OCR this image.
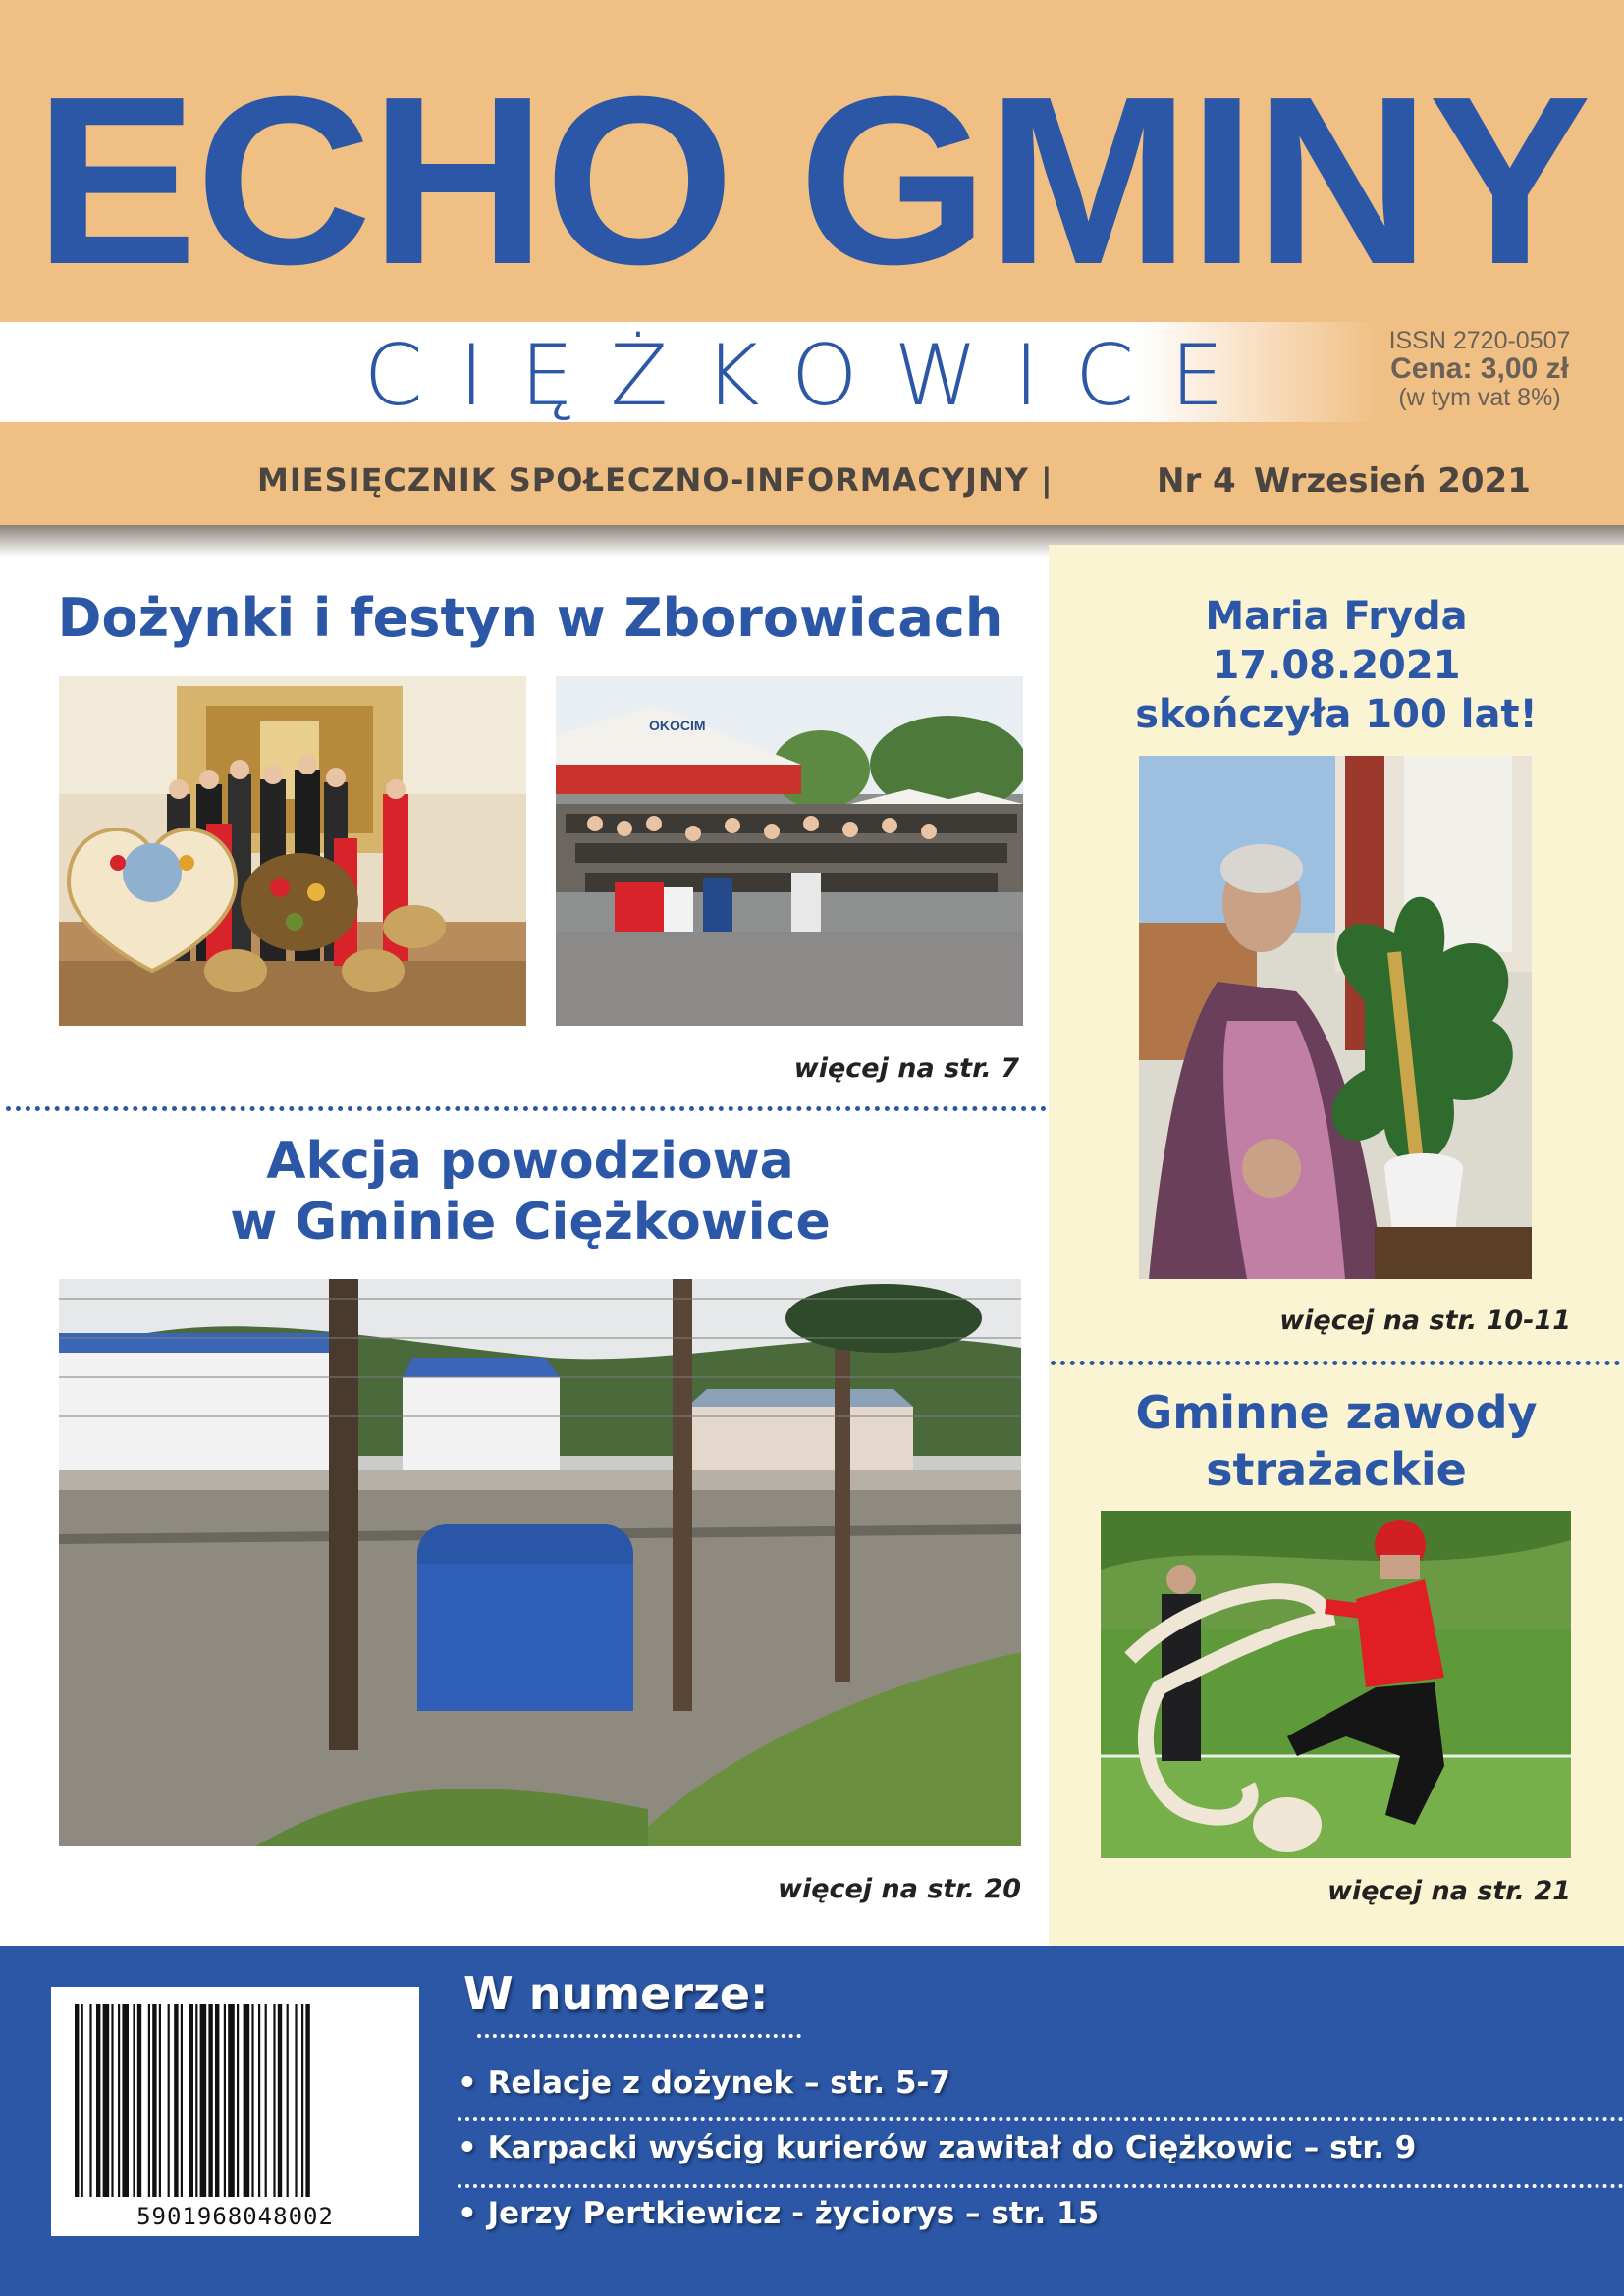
ECHO GMINY
CIĘŻKOWICE	ISSN 2720-0507
Cena: 3,00 zł
(w tym vat 8%)
MIESIĘCZNIK SPOŁECZNO-INFORMACYJNY |	Nr 4 Wrzesień 2021
Dożynki i festyn w Zborowicach
OKOCIM
więcej na str. 7
Akcja powodziowa
w Gminie Ciężkowice
więcej na str. 20
Maria Fryda
17.08.2021
skończyła 100 lat!
więcej na str. 10-11
Gminne zawody
strażackie
więcej na str. 21
5901968048002
W numerze:
• Relacje z dożynek – str. 5-7
• Karpacki wyścig kurierów zawitał do Ciężkowic – str. 9
• Jerzy Pertkiewicz - życiorys – str. 15
